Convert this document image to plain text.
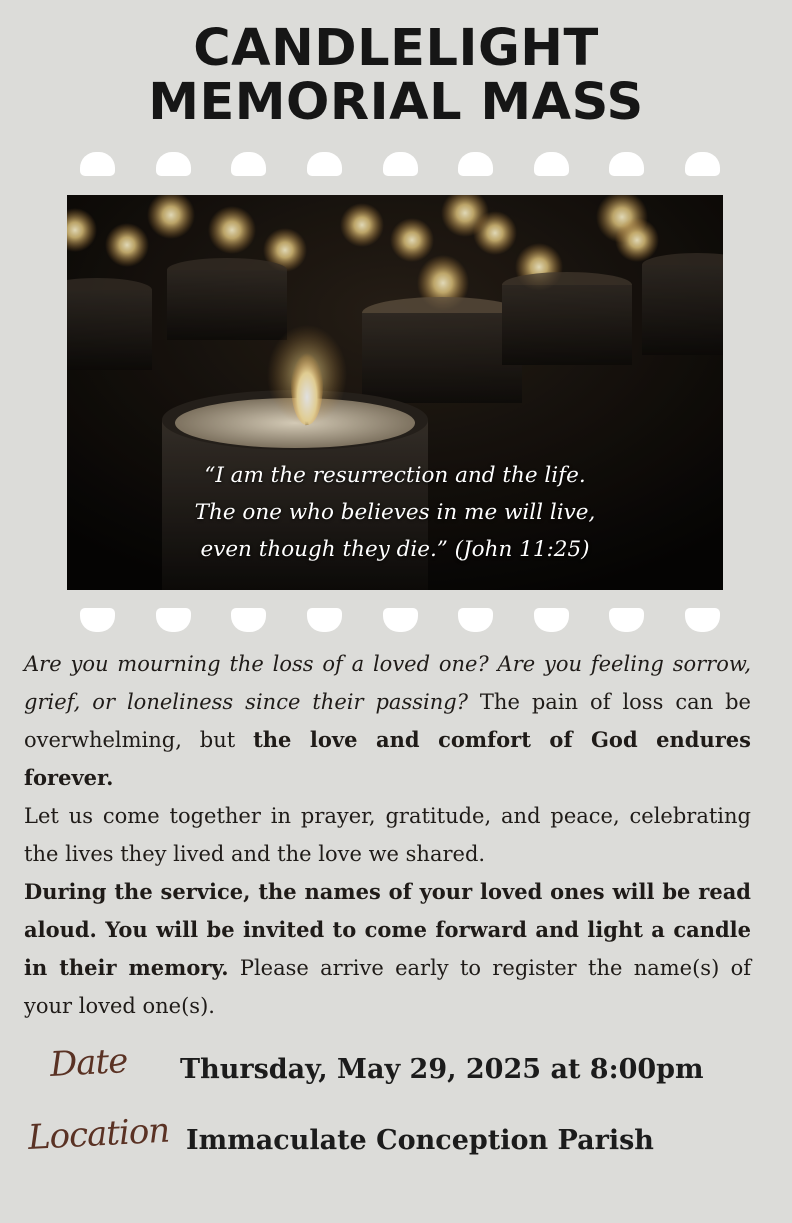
CANDLELIGHT
MEMORIAL MASS
“I am the resurrection and the life.
The one who believes in me will live,
even though they die.” (John 11:25)

Are you mourning the loss of a loved one? Are you feeling sorrow, grief, or loneliness since their passing? The pain of loss can be overwhelming, but the love and comfort of God endures forever.

Let us come together in prayer, gratitude, and peace, celebrating the lives they lived and the love we shared.

During the service, the names of your loved ones will be read aloud. You will be invited to come forward and light a candle in their memory. Please arrive early to register the name(s) of your loved one(s).

Date Thursday, May 29, 2025 at 8:00pm
Location Immaculate Conception Parish
